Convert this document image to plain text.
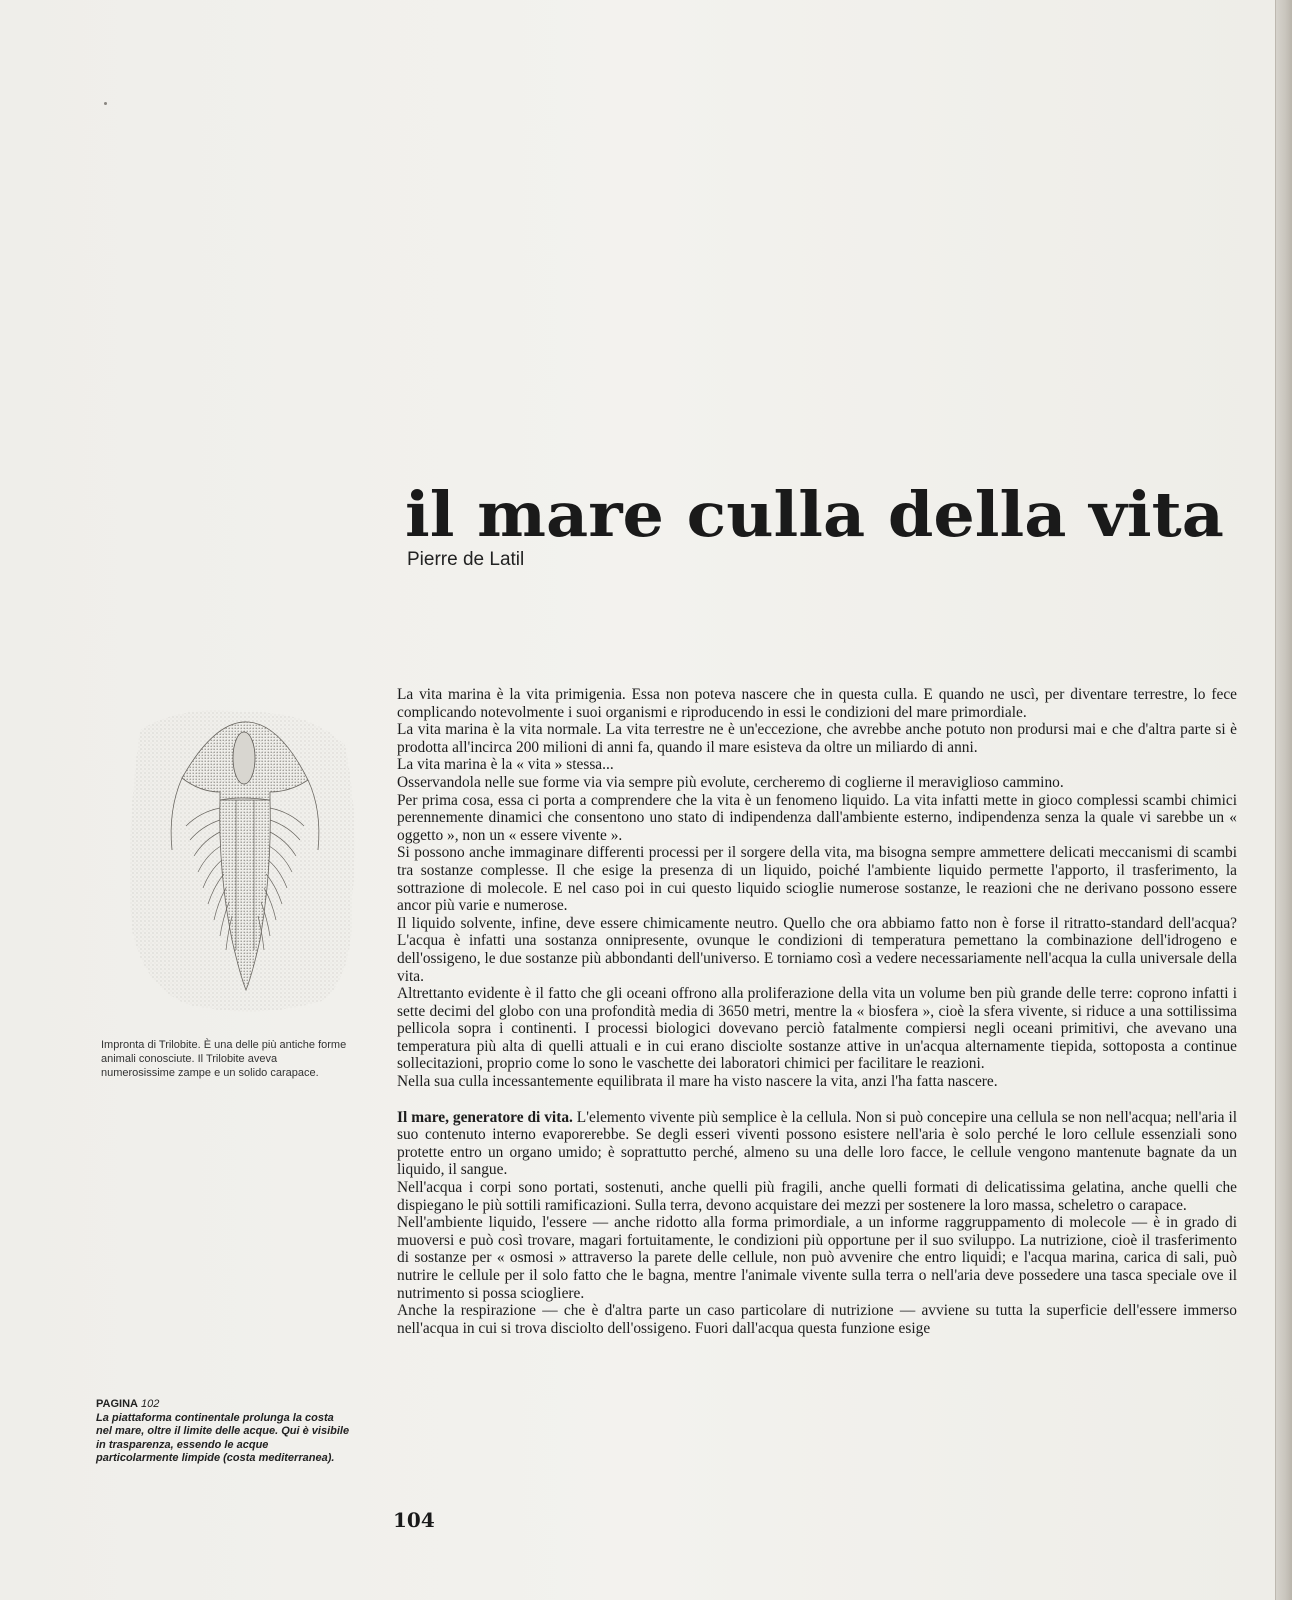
il mare culla della vita

Pierre de Latil

Impronta di Trilobite. È una delle più antiche forme animali conosciute. Il Trilobite aveva numerosissime zampe e un solido carapace.

PAGINA 102
La piattaforma continentale prolunga la costa nel mare, oltre il limite delle acque. Qui è visibile in trasparenza, essendo le acque particolarmente limpide (costa mediterranea).

La vita marina è la vita primigenia. Essa non poteva nascere che in questa culla. E quando ne uscì, per diventare terrestre, lo fece complicando notevolmente i suoi organismi e riproducendo in essi le condizioni del mare primordiale.

La vita marina è la vita normale. La vita terrestre ne è un'eccezione, che avrebbe anche potuto non prodursi mai e che d'altra parte si è prodotta all'incirca 200 milioni di anni fa, quando il mare esisteva da oltre un miliardo di anni.

La vita marina è la « vita » stessa...

Osservandola nelle sue forme via via sempre più evolute, cercheremo di coglierne il meraviglioso cammino.

Per prima cosa, essa ci porta a comprendere che la vita è un fenomeno liquido. La vita infatti mette in gioco complessi scambi chimici perennemente dinamici che consentono uno stato di indipendenza dall'ambiente esterno, indipendenza senza la quale vi sarebbe un « oggetto », non un « essere vivente ».

Si possono anche immaginare differenti processi per il sorgere della vita, ma bisogna sempre ammettere delicati meccanismi di scambi tra sostanze complesse. Il che esige la presenza di un liquido, poiché l'ambiente liquido permette l'apporto, il trasferimento, la sottrazione di molecole. E nel caso poi in cui questo liquido scioglie numerose sostanze, le reazioni che ne derivano possono essere ancor più varie e numerose.

Il liquido solvente, infine, deve essere chimicamente neutro. Quello che ora abbiamo fatto non è forse il ritratto-standard dell'acqua? L'acqua è infatti una sostanza onnipresente, ovunque le condizioni di temperatura pemettano la combinazione dell'idrogeno e dell'ossigeno, le due sostanze più abbondanti dell'universo. E torniamo così a vedere necessariamente nell'acqua la culla universale della vita.

Altrettanto evidente è il fatto che gli oceani offrono alla proliferazione della vita un volume ben più grande delle terre: coprono infatti i sette decimi del globo con una profondità media di 3650 metri, mentre la « biosfera », cioè la sfera vivente, si riduce a una sottilissima pellicola sopra i continenti. I processi biologici dovevano perciò fatalmente compiersi negli oceani primitivi, che avevano una temperatura più alta di quelli attuali e in cui erano disciolte sostanze attive in un'acqua alternamente tiepida, sottoposta a continue sollecitazioni, proprio come lo sono le vaschette dei laboratori chimici per facilitare le reazioni.

Nella sua culla incessantemente equilibrata il mare ha visto nascere la vita, anzi l'ha fatta nascere.

Il mare, generatore di vita. L'elemento vivente più semplice è la cellula. Non si può concepire una cellula se non nell'acqua; nell'aria il suo contenuto interno evaporerebbe. Se degli esseri viventi possono esistere nell'aria è solo perché le loro cellule essenziali sono protette entro un organo umido; è soprattutto perché, almeno su una delle loro facce, le cellule vengono mantenute bagnate da un liquido, il sangue.

Nell'acqua i corpi sono portati, sostenuti, anche quelli più fragili, anche quelli formati di delicatissima gelatina, anche quelli che dispiegano le più sottili ramificazioni. Sulla terra, devono acquistare dei mezzi per sostenere la loro massa, scheletro o carapace.

Nell'ambiente liquido, l'essere — anche ridotto alla forma primordiale, a un informe raggruppamento di molecole — è in grado di muoversi e può così trovare, magari fortuitamente, le condizioni più opportune per il suo sviluppo. La nutrizione, cioè il trasferimento di sostanze per « osmosi » attraverso la parete delle cellule, non può avvenire che entro liquidi; e l'acqua marina, carica di sali, può nutrire le cellule per il solo fatto che le bagna, mentre l'animale vivente sulla terra o nell'aria deve possedere una tasca speciale ove il nutrimento si possa sciogliere.

Anche la respirazione — che è d'altra parte un caso particolare di nutrizione — avviene su tutta la superficie dell'essere immerso nell'acqua in cui si trova disciolto dell'ossigeno. Fuori dall'acqua questa funzione esige

104
